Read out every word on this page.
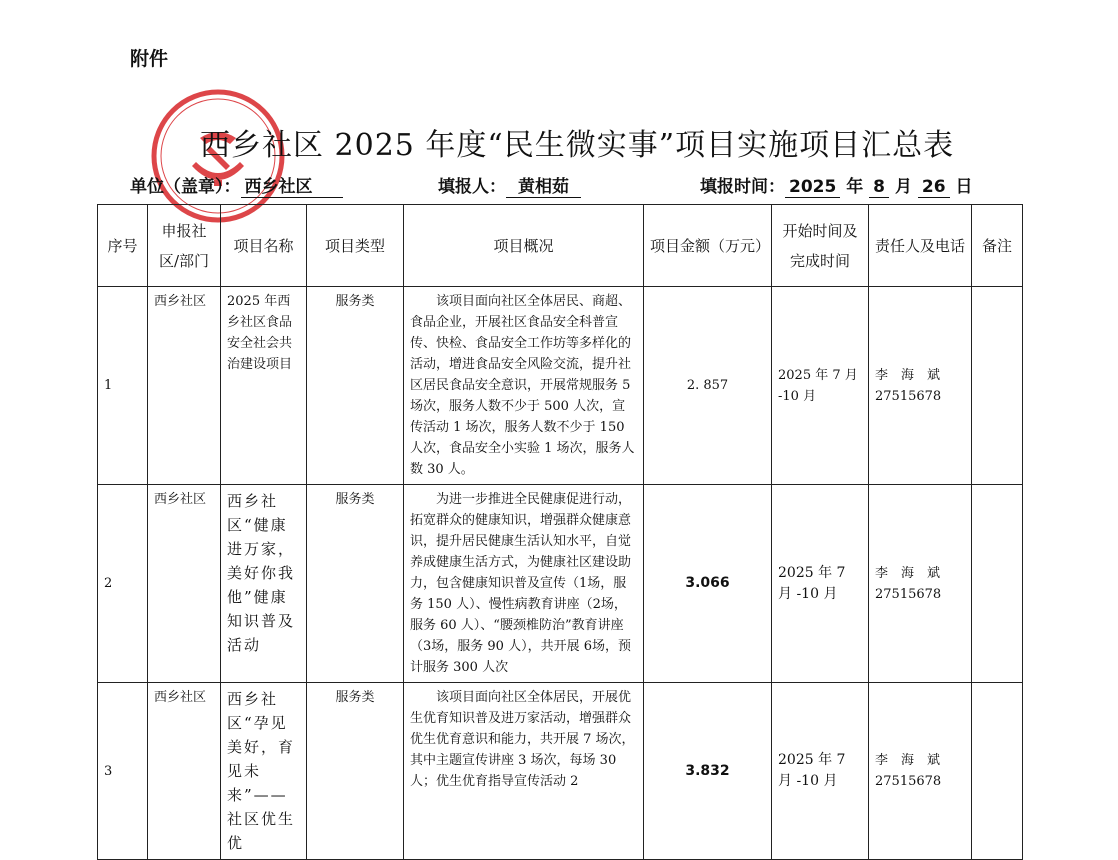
附件
西乡社区 2025 年度“民生微实事”项目实施项目汇总表
单位（盖章）： 西乡社区	填报人： 黄相茹	填报时间： 2025 年 8 月 26 日
序号	申报社区/部门	项目名称	项目类型	项目概况	项目金额（万元）	开始时间及完成时间	责任人及电话	备注
1	西乡社区	2025 年西乡社区食品安全社会共治建设项目	服务类	该项目面向社区全体居民、商超、食品企业，开展社区食品安全科普宣传、快检、食品安全工作坊等多样化的活动，增进食品安全风险交流，提升社区居民食品安全意识，开展常规服务 5 场次，服务人数不少于 500 人次，宣传活动 1 场次，服务人数不少于 150 人次，食品安全小实验 1 场次，服务人数 30 人。	2. 857	2025 年 7 月 -10 月	李　海　斌 27515678	
2	西乡社区	西乡社区“健康进万家，美好你我他”健康知识普及活动	服务类	为进一步推进全民健康促进行动，拓宽群众的健康知识，增强群众健康意识，提升居民健康生活认知水平，自觉养成健康生活方式，为健康社区建设助力，包含健康知识普及宣传（1场，服务 150 人）、慢性病教育讲座（2场，服务 60 人）、“腰颈椎防治”教育讲座（3场，服务 90 人），共开展 6场，预计服务 300 人次	3.066	2025 年 7 月 -10 月	李　海　斌 27515678	
3	西乡社区	西乡社区“孕见美好，育见未来”——社区优生优	服务类	该项目面向社区全体居民，开展优生优育知识普及进万家活动，增强群众优生优育意识和能力，共开展 7 场次，其中主题宣传讲座 3 场次，每场 30 人；优生优育指导宣传活动 2	3.832	2025 年 7 月 -10 月	李　海　斌 27515678	
